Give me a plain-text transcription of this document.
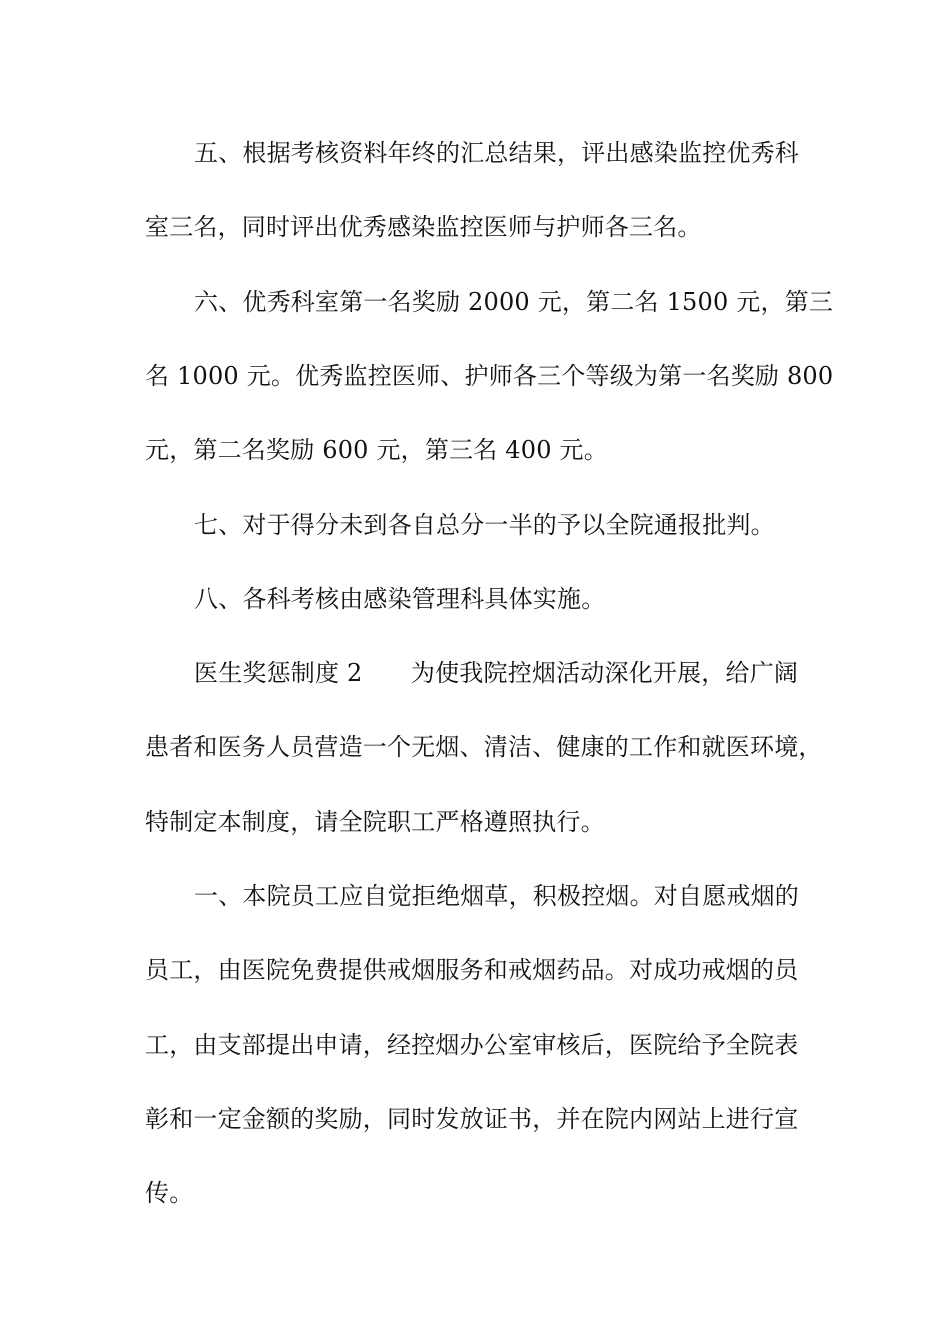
五、根据考核资料年终的汇总结果，评出感染监控优秀科
室三名，同时评出优秀感染监控医师与护师各三名。
六、优秀科室第一名奖励 2000 元，第二名 1500 元，第三
名 1000 元。优秀监控医师、护师各三个等级为第一名奖励 800
元，第二名奖励 600 元，第三名 400 元。
七、对于得分未到各自总分一半的予以全院通报批判。
八、各科考核由感染管理科具体实施。
医生奖惩制度 2　　为使我院控烟活动深化开展，给广阔
患者和医务人员营造一个无烟、清洁、健康的工作和就医环境，
特制定本制度，请全院职工严格遵照执行。
一、本院员工应自觉拒绝烟草，积极控烟。对自愿戒烟的
员工，由医院免费提供戒烟服务和戒烟药品。对成功戒烟的员
工，由支部提出申请，经控烟办公室审核后，医院给予全院表
彰和一定金额的奖励，同时发放证书，并在院内网站上进行宣
传。
